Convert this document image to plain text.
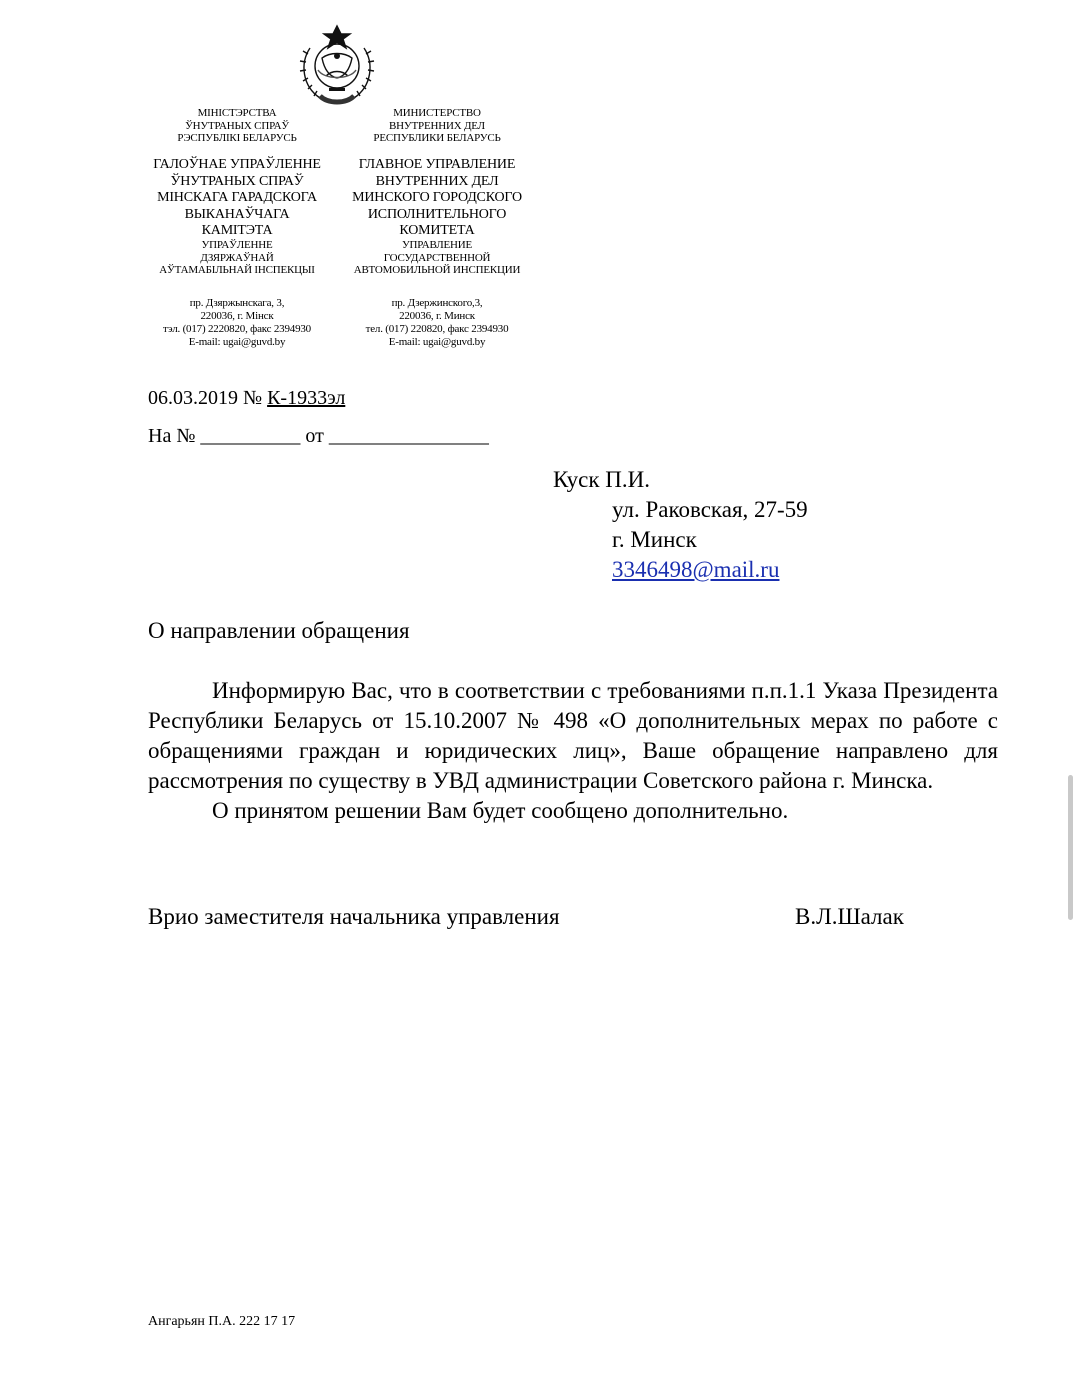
МІНІСТЭРСТВА
ЎНУТРАНЫХ СПРАЎ
РЭСПУБЛІКІ БЕЛАРУСЬ
МИНИСТЕРСТВО
ВНУТРЕННИХ ДЕЛ
РЕСПУБЛИКИ БЕЛАРУСЬ
ГАЛОЎНАЕ УПРАЎЛЕННЕ
ЎНУТРАНЫХ СПРАЎ
МІНСКАГА ГАРАДСКОГА
ВЫКАНАЎЧАГА
КАМІТЭТА
ГЛАВНОЕ УПРАВЛЕНИЕ
ВНУТРЕННИХ ДЕЛ
МИНСКОГО ГОРОДСКОГО
ИСПОЛНИТЕЛЬНОГО
КОМИТЕТА
УПРАЎЛЕННЕ
ДЗЯРЖАЎНАЙ
АЎТАМАБІЛЬНАЙ ІНСПЕКЦЫІ
УПРАВЛЕНИЕ
ГОСУДАРСТВЕННОЙ
АВТОМОБИЛЬНОЙ ИНСПЕКЦИИ
пр. Дзяржынскага, 3,
220036, г. Мінск
тэл. (017) 2220820, факс 2394930
E-mail: ugai@guvd.by
пр. Дзержинского,3,
220036, г. Минск
тел. (017) 220820, факс 2394930
E-mail: ugai@guvd.by
06.03.2019 № К-1933эл
На № __________ от ________________
Куск П.И.
ул. Раковская, 27-59
г. Минск
3346498@mail.ru
О направлении обращения

Информирую Вас, что в соответствии с требованиями п.п.1.1 Указа Президента Республики Беларусь от 15.10.2007 № 498 «О дополнительных мерах по работе с обращениями граждан и юридических лиц», Ваше обращение направлено для рассмотрения по существу в УВД администрации Советского района г. Минска.

О принятом решении Вам будет сообщено дополнительно.

Врио заместителя начальника управления	В.Л.Шалак
Ангарьян П.А. 222 17 17
